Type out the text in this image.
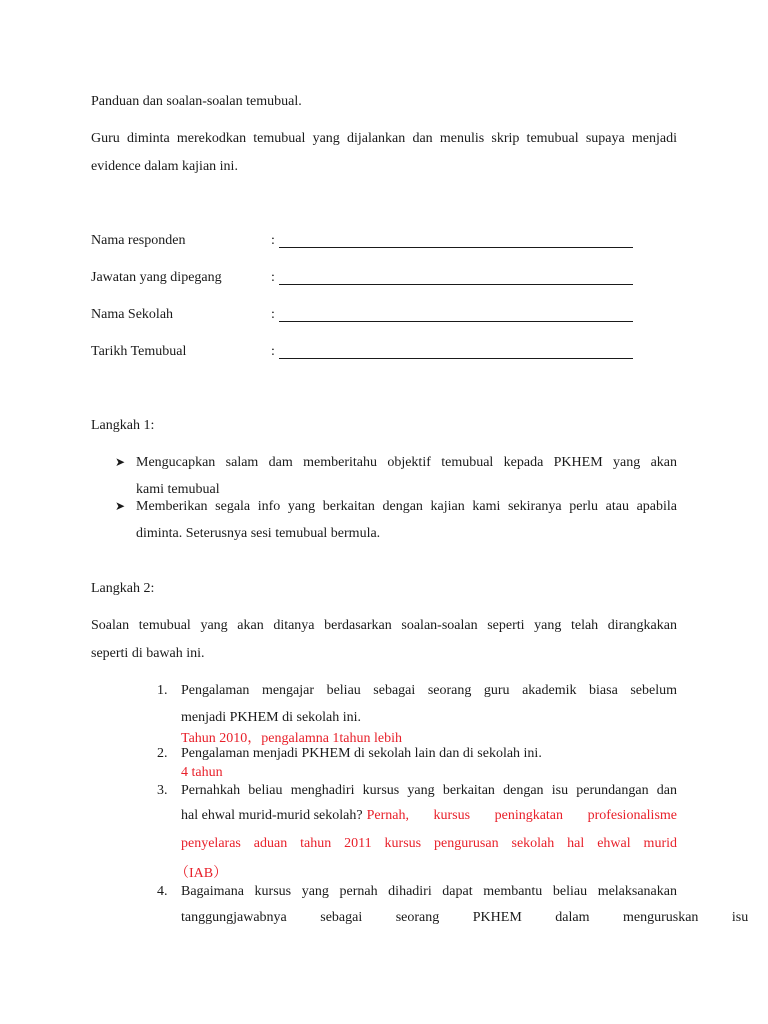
Panduan dan soalan-soalan temubual.
Guru diminta merekodkan temubual yang dijalankan dan menulis skrip temubual supaya menjadi
evidence dalam kajian ini.
Nama responden	:
Jawatan yang dipegang	:
Nama Sekolah	:
Tarikh Temubual	:
Langkah 1:
➤ Mengucapkan salam dam memberitahu objektif temubual kepada PKHEM yang akan
kami temubual
➤ Memberikan segala info yang berkaitan dengan kajian kami sekiranya perlu atau apabila
diminta. Seterusnya sesi temubual bermula.
Langkah 2:
Soalan temubual yang akan ditanya berdasarkan soalan-soalan seperti yang telah dirangkakan
seperti di bawah ini.
1. Pengalaman mengajar beliau sebagai seorang guru akademik biasa sebelum
menjadi PKHEM di sekolah ini.
Tahun 2010，pengalamna 1tahun lebih
2. Pengalaman menjadi PKHEM di sekolah lain dan di sekolah ini.
4 tahun
3. Pernahkah beliau menghadiri kursus yang berkaitan dengan isu perundangan dan
hal ehwal murid-murid sekolah? Pernah, kursus peningkatan profesionalisme
penyelaras aduan tahun 2011 kursus pengurusan sekolah hal ehwal murid
（IAB）
4. Bagaimana kursus yang pernah dihadiri dapat membantu beliau melaksanakan
tanggungjawabnya sebagai seorang PKHEM dalam menguruskan isu
